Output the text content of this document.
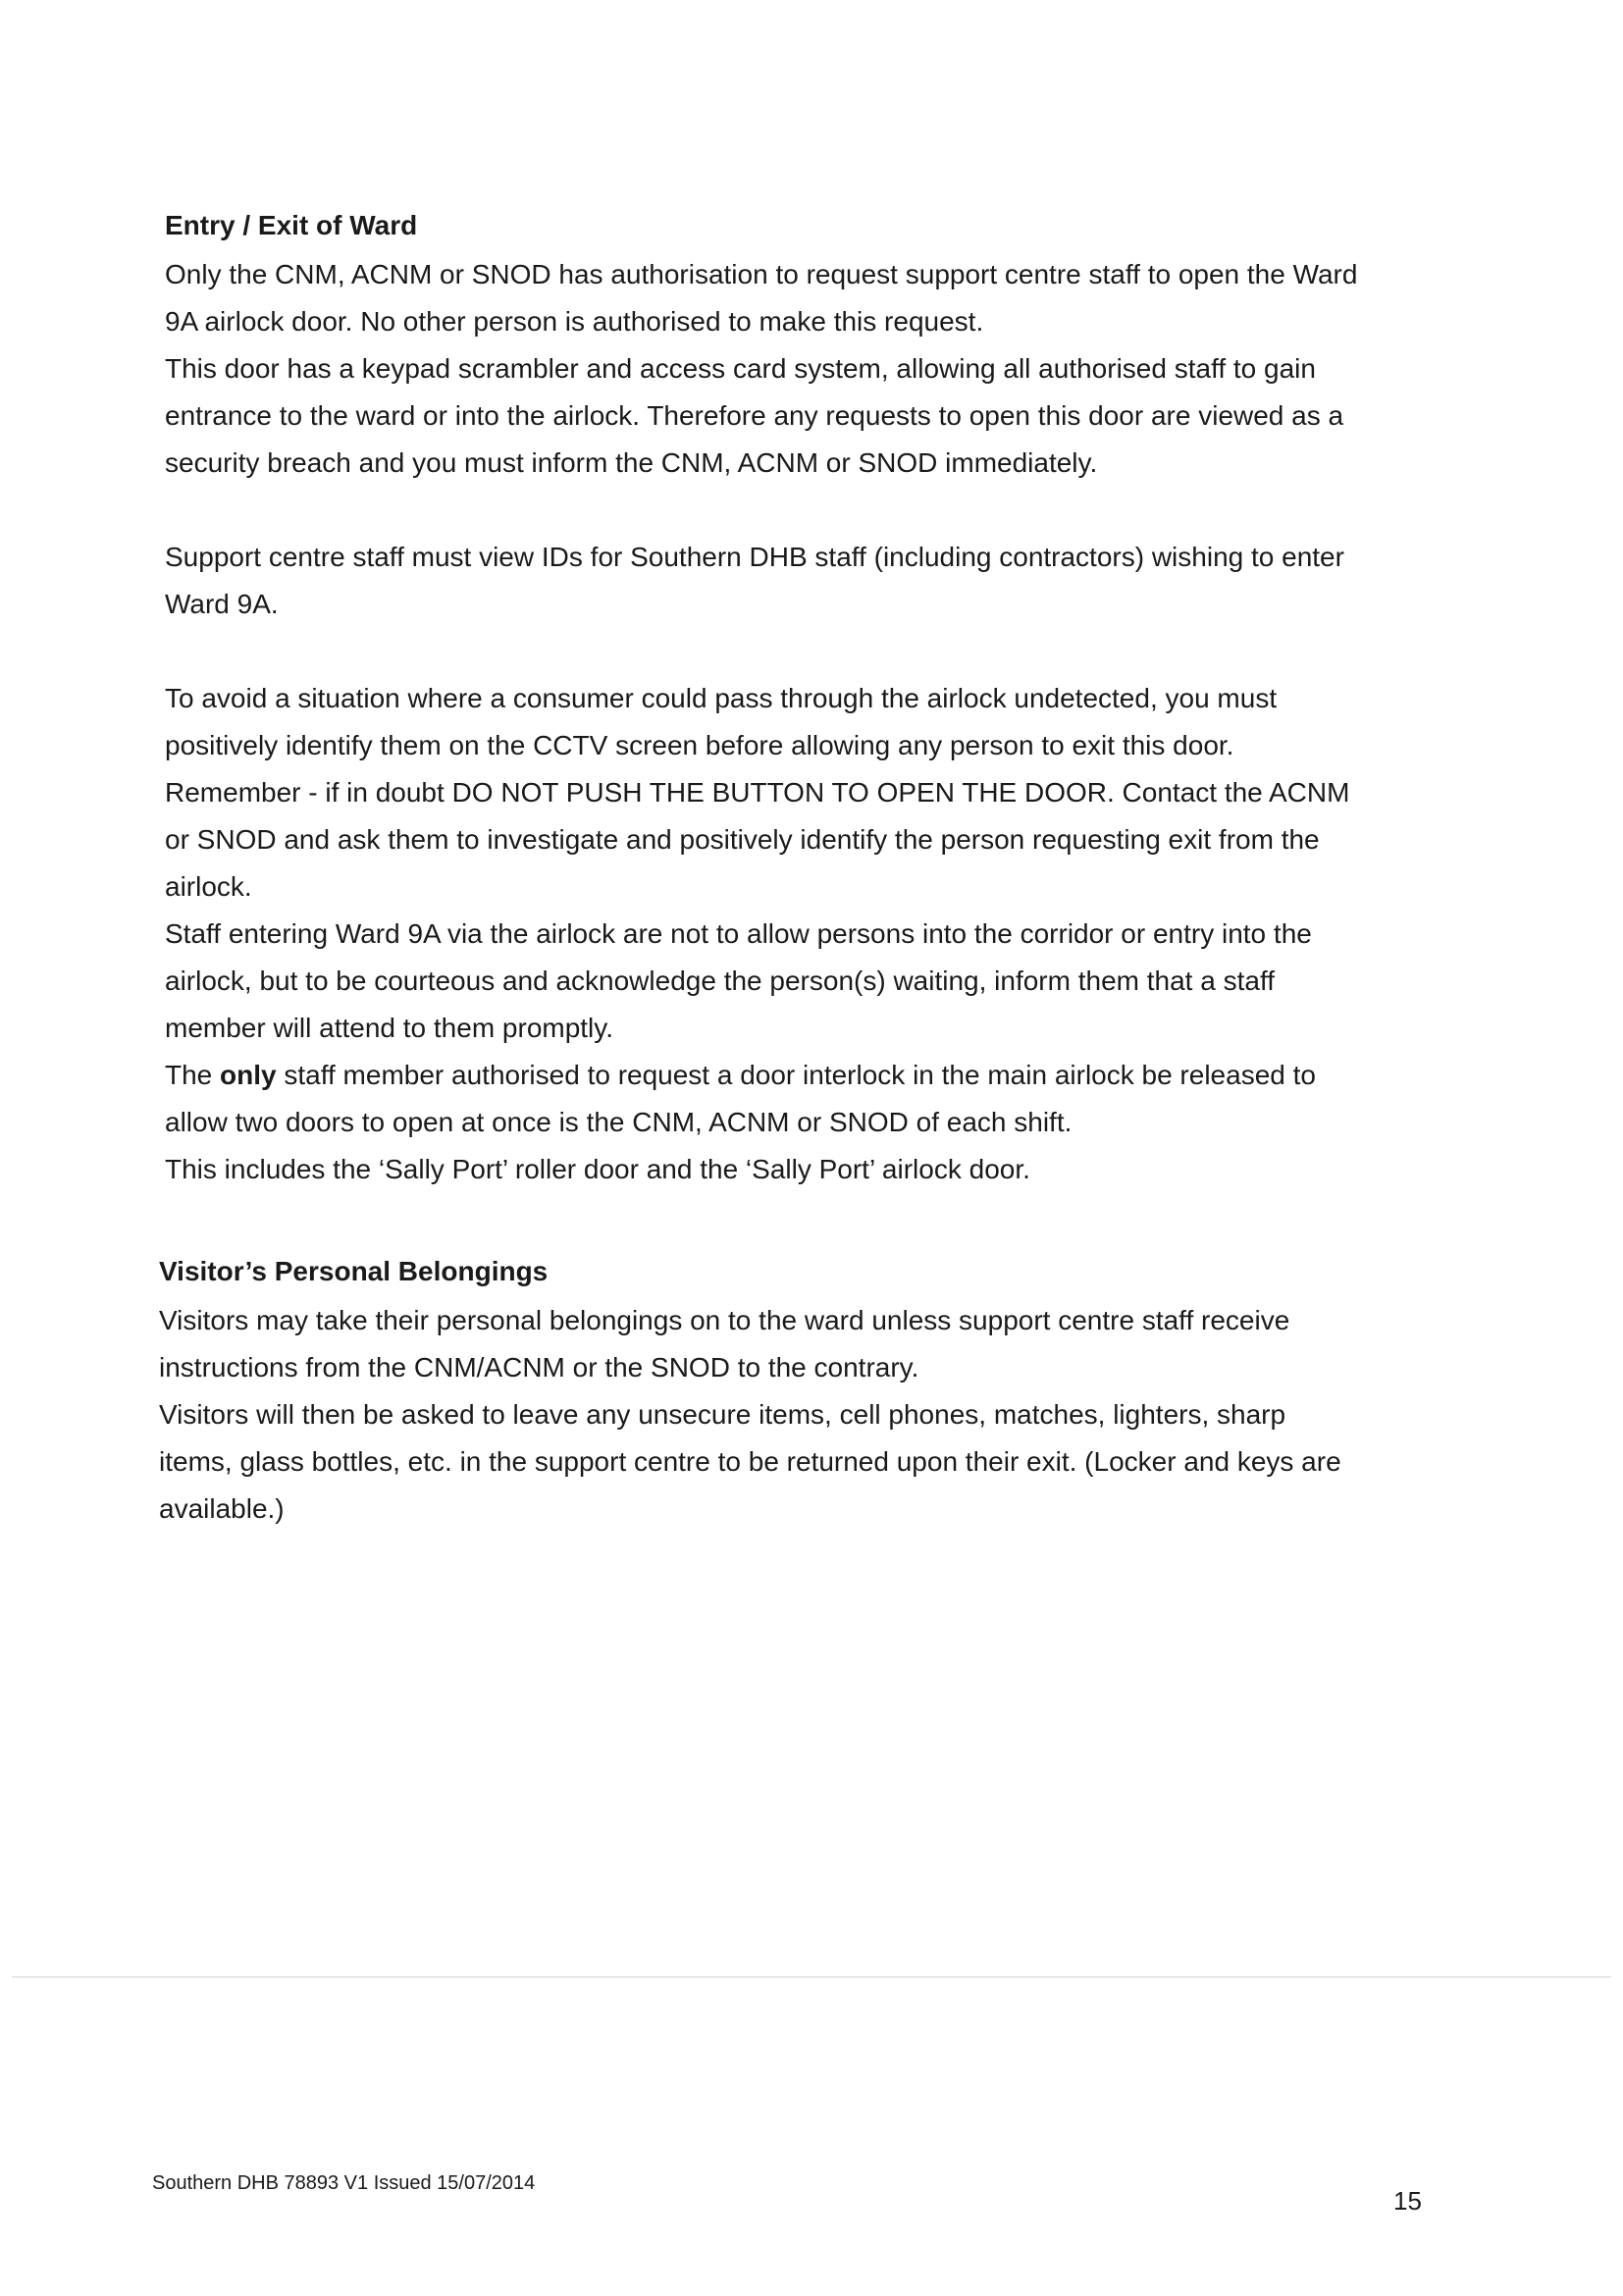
Entry / Exit of Ward

Only the CNM, ACNM or SNOD has authorisation to request support centre staff to open the Ward

9A airlock door. No other person is authorised to make this request.

This door has a keypad scrambler and access card system, allowing all authorised staff to gain

entrance to the ward or into the airlock. Therefore any requests to open this door are viewed as a

security breach and you must inform the CNM, ACNM or SNOD immediately.

Support centre staff must view IDs for Southern DHB staff (including contractors) wishing to enter

Ward 9A.

To avoid a situation where a consumer could pass through the airlock undetected, you must

positively identify them on the CCTV screen before allowing any person to exit this door.

Remember - if in doubt DO NOT PUSH THE BUTTON TO OPEN THE DOOR. Contact the ACNM

or SNOD and ask them to investigate and positively identify the person requesting exit from the

airlock.

Staff entering Ward 9A via the airlock are not to allow persons into the corridor or entry into the

airlock, but to be courteous and acknowledge the person(s) waiting, inform them that a staff

member will attend to them promptly.

The only staff member authorised to request a door interlock in the main airlock be released to

allow two doors to open at once is the CNM, ACNM or SNOD of each shift.

This includes the ‘Sally Port’ roller door and the ‘Sally Port’ airlock door.

Visitor’s Personal Belongings

Visitors may take their personal belongings on to the ward unless support centre staff receive

instructions from the CNM/ACNM or the SNOD to the contrary.

Visitors will then be asked to leave any unsecure items, cell phones, matches, lighters, sharp

items, glass bottles, etc. in the support centre to be returned upon their exit. (Locker and keys are

available.)

Southern DHB 78893 V1 Issued 15/07/2014
15
